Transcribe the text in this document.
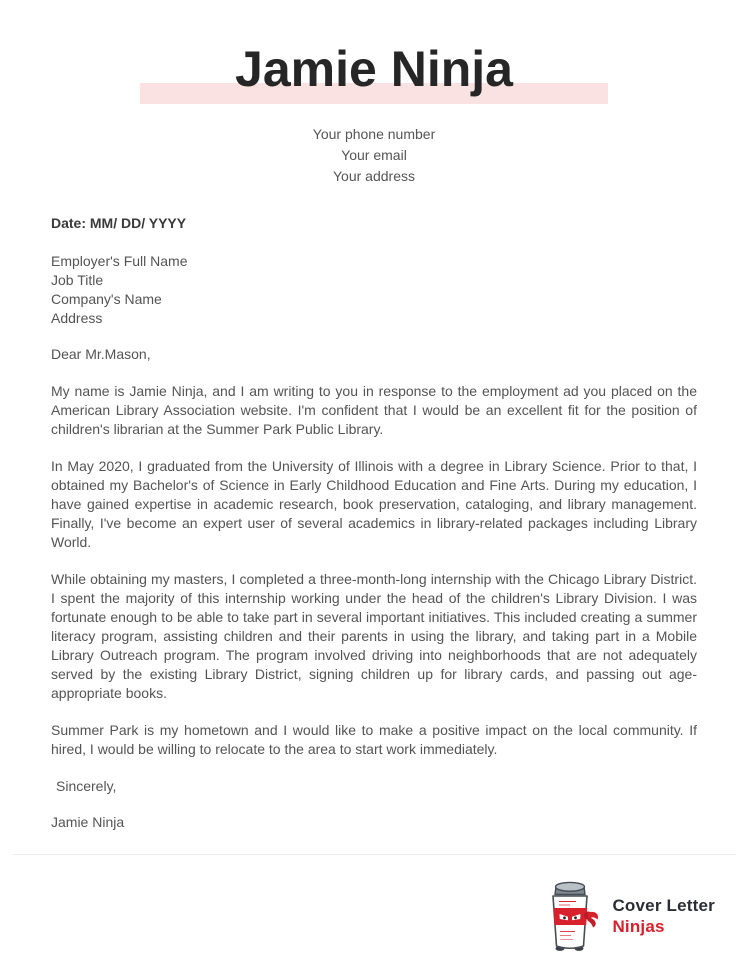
Jamie Ninja
Your phone number
Your email
Your address
Date: MM/ DD/ YYYY
Employer's Full Name
Job Title
Company's Name
Address

Dear Mr.Mason,

My name is Jamie Ninja, and I am writing to you in response to the employment ad you placed on the American Library Association website. I'm confident that I would be an excellent fit for the position of children's librarian at the Summer Park Public Library.

In May 2020, I graduated from the University of Illinois with a degree in Library Science. Prior to that, I obtained my Bachelor's of Science in Early Childhood Education and Fine Arts. During my education, I have gained expertise in academic research, book preservation, cataloging, and library management. Finally, I've become an expert user of several academics in library-related packages including Library World.

While obtaining my masters, I completed a three-month-long internship with the Chicago Library District. I spent the majority of this internship working under the head of the children's Library Division. I was fortunate enough to be able to take part in several important initiatives. This included creating a summer literacy program, assisting children and their parents in using the library, and taking part in a Mobile Library Outreach program. The program involved driving into neighborhoods that are not adequately served by the existing Library District, signing children up for library cards, and passing out age-appropriate books.

Summer Park is my hometown and I would like to make a positive impact on the local community. If hired, I would be willing to relocate to the area to start work immediately.

Sincerely,

Jamie Ninja

Cover Letter
Ninjas
